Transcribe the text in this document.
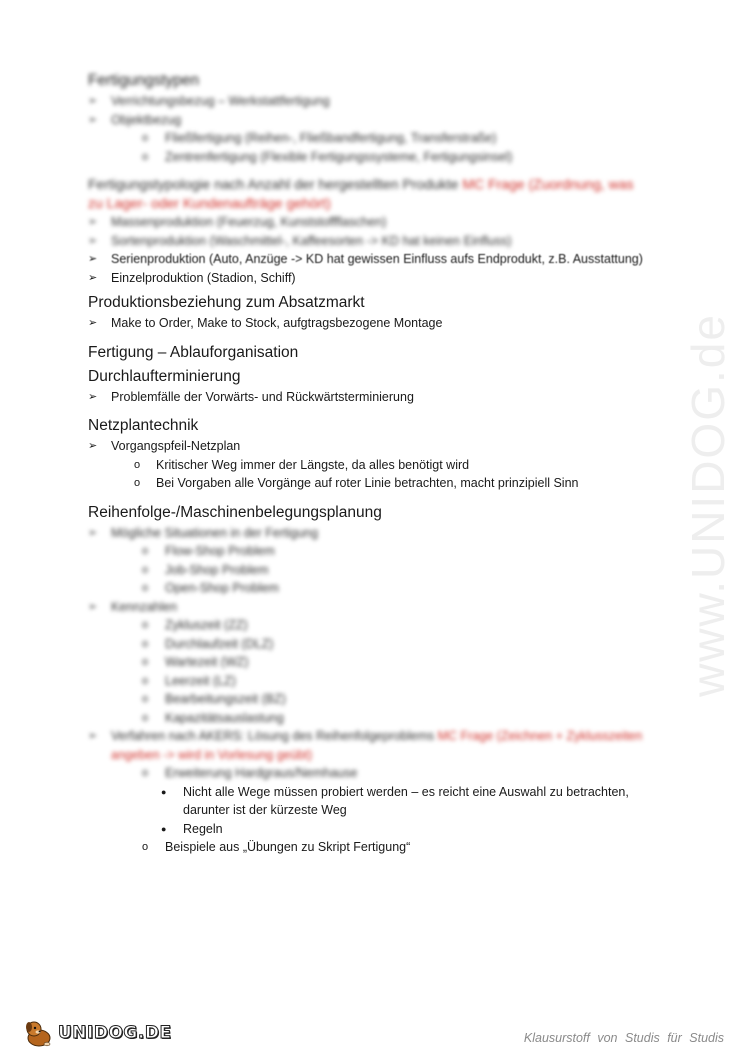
Fertigungstypen
➢	Verrichtungsbezug – Werkstattfertigung
➢	Objektbezug
o	Fließfertigung (Reihen-, Fließbandfertigung, Transferstraße)
o	Zentrenfertigung (Flexible Fertigungssysteme, Fertigungsinsel)
Fertigungstypologie nach Anzahl der hergestellten Produkte MC Frage (Zuordnung, was
zu Lager- oder Kundenaufträge gehört)
➢	Massenproduktion (Feuerzug, Kunststoffflaschen)
➢	Sortenproduktion (Waschmittel-, Kaffeesorten -> KD hat keinen Einfluss)
➢	Serienproduktion (Auto, Anzüge -> KD hat gewissen Einfluss aufs Endprodukt, z.B. Ausstattung)
➢	Einzelproduktion (Stadion, Schiff)
Produktionsbeziehung zum Absatzmarkt
➢	Make to Order, Make to Stock, aufgtragsbezogene Montage
Fertigung – Ablauforganisation
Durchlaufterminierung
➢	Problemfälle der Vorwärts- und Rückwärtsterminierung
Netzplantechnik
➢	Vorgangspfeil-Netzplan
o	Kritischer Weg immer der Längste, da alles benötigt wird
o	Bei Vorgaben alle Vorgänge auf roter Linie betrachten, macht prinzipiell Sinn
Reihenfolge-/Maschinenbelegungsplanung
➢	Mögliche Situationen in der Fertigung
o	Flow-Shop Problem
o	Job-Shop Problem
o	Open-Shop Problem
➢	Kennzahlen
o	Zykluszeit (ZZ)
o	Durchlaufzeit (DLZ)
o	Wartezeit (WZ)
o	Leerzeit (LZ)
o	Bearbeitungszeit (BZ)
o	Kapazitätsauslastung
➢	Verfahren nach AKERS: Lösung des Reihenfolgeproblems MC Frage (Zeichnen + Zyklusszeiten
angeben -> wird in Vorlesung geübt)
o	Erweiterung Hardgraus/Nemhause
●	Nicht alle Wege müssen probiert werden – es reicht eine Auswahl zu betrachten,
darunter ist der kürzeste Weg
●	Regeln
o	Beispiele aus „Übungen zu Skript Fertigung“
www.UNIDOG.de
UNIDOG.DE	Klausurstoff von Studis für Studis
